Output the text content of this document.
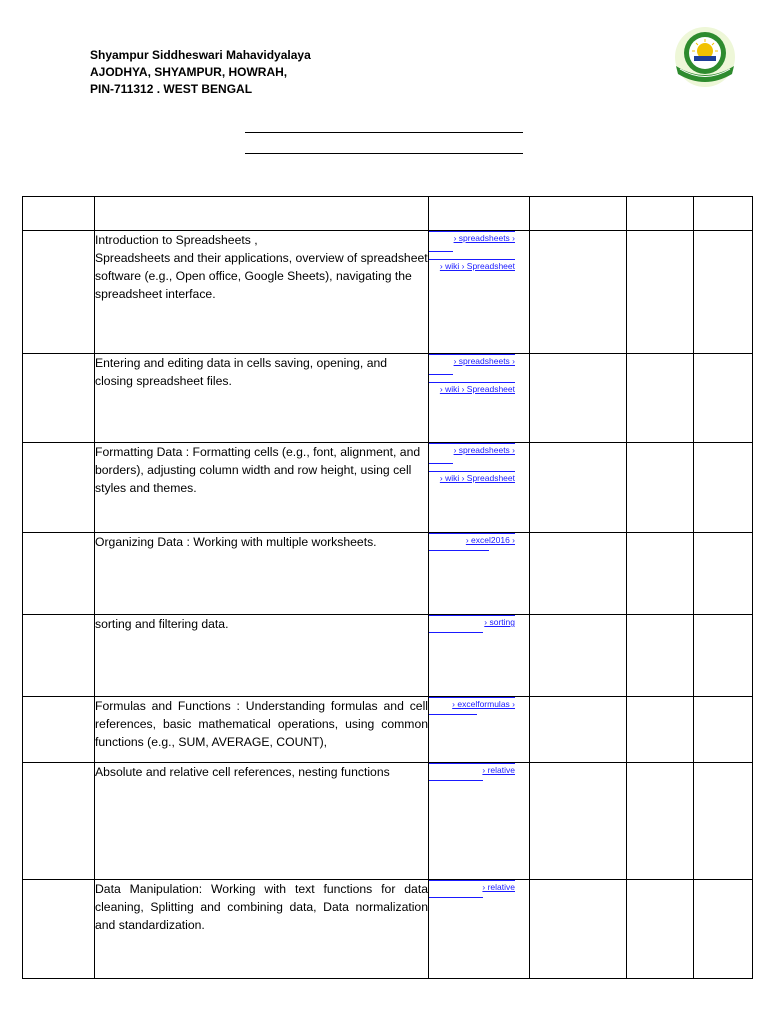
Shyampur Siddheswari Mahavidyalaya
AJODHYA, SHYAMPUR, HOWRAH,
PIN-711312 . WEST BENGAL

	Introduction to Spreadsheets ,
Spreadsheets and their applications, overview of spreadsheet software (e.g., Open office, Google Sheets), navigating the spreadsheet interface.	› spreadsheets ›
› wiki › Spreadsheet			

	Entering and editing data in cells saving, opening, and closing spreadsheet files.	› spreadsheets ›
› wiki › Spreadsheet			

	Formatting Data : Formatting cells (e.g., font, alignment, and borders), adjusting column width and row height, using cell styles and themes.	› spreadsheets ›
› wiki › Spreadsheet			

	Organizing Data : Working with multiple worksheets.	› excel2016 ›			

	sorting and filtering data.	› sorting			

	Formulas and Functions : Understanding formulas and cell references, basic mathematical operations, using common functions (e.g., SUM, AVERAGE, COUNT),	› excelformulas ›			

	Absolute and relative cell references, nesting functions	› relative			

	Data Manipulation: Working with text functions for data cleaning, Splitting and combining data, Data normalization and standardization.	› relative			
